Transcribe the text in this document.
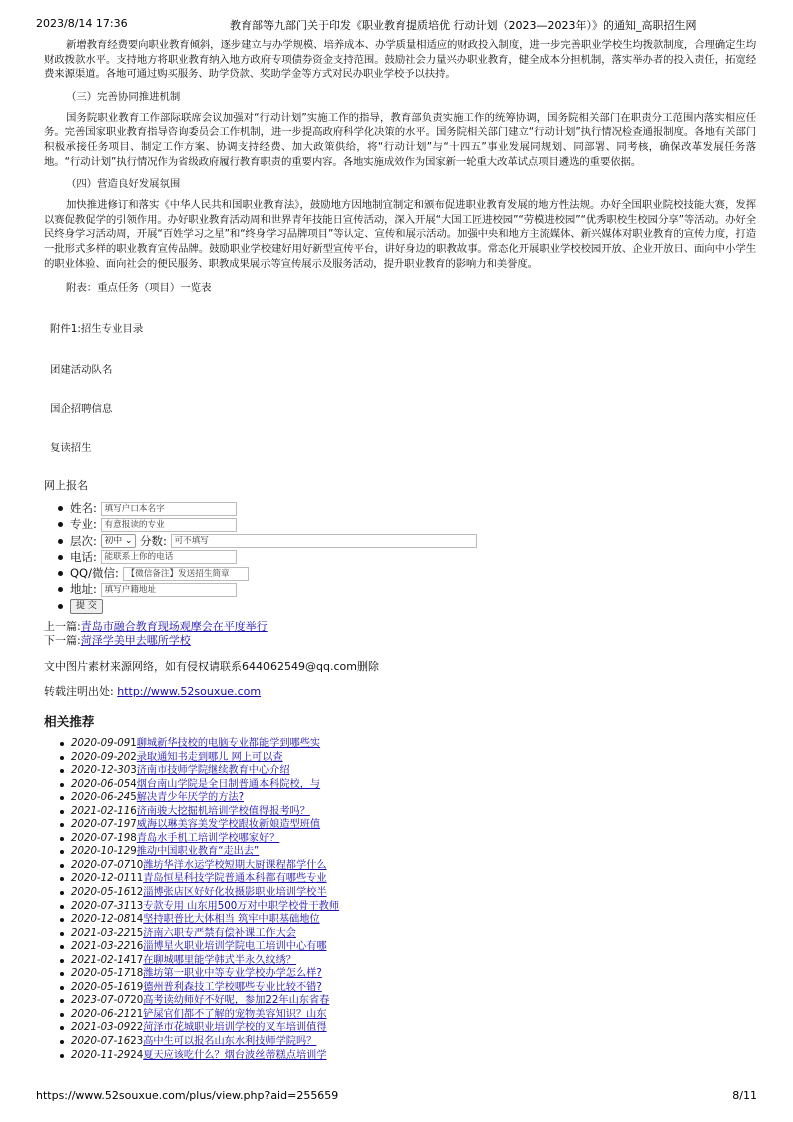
2023/8/14 17:36	教育部等九部门关于印发《职业教育提质培优 行动计划（2023—2023年）》的通知_高职招生网

新增教育经费要向职业教育倾斜，逐步建立与办学规模、培养成本、办学质量相适应的财政投入制度，进一步完善职业学校生均拨款制度，合理确定生均财政拨款水平。支持地方将职业教育纳入地方政府专项债券资金支持范围。鼓励社会力量兴办职业教育，健全成本分担机制，落实举办者的投入责任，拓宽经费来源渠道。各地可通过购买服务、助学贷款、奖助学金等方式对民办职业学校予以扶持。

（三）完善协同推进机制

国务院职业教育工作部际联席会议加强对“行动计划”实施工作的指导，教育部负责实施工作的统筹协调，国务院相关部门在职责分工范围内落实相应任务。完善国家职业教育指导咨询委员会工作机制，进一步提高政府科学化决策的水平。国务院相关部门建立“行动计划”执行情况检查通报制度。各地有关部门积极承接任务项目、制定工作方案、协调支持经费、加大政策供给，将“行动计划”与“十四五”事业发展同规划、同部署、同考核，确保改革发展任务落地。“行动计划”执行情况作为省级政府履行教育职责的重要内容。各地实施成效作为国家新一轮重大改革试点项目遴选的重要依据。

（四）营造良好发展氛围

加快推进修订和落实《中华人民共和国职业教育法》，鼓励地方因地制宜制定和颁布促进职业教育发展的地方性法规。办好全国职业院校技能大赛，发挥以赛促教促学的引领作用。办好职业教育活动周和世界青年技能日宣传活动，深入开展“大国工匠进校园”“劳模进校园”“优秀职校生校园分享”等活动。办好全民终身学习活动周，开展“百姓学习之星”和“终身学习品牌项目”等认定、宣传和展示活动。加强中央和地方主流媒体、新兴媒体对职业教育的宣传力度，打造一批形式多样的职业教育宣传品牌。鼓励职业学校建好用好新型宣传平台，讲好身边的职教故事。常态化开展职业学校校园开放、企业开放日、面向中小学生的职业体验、面向社会的便民服务、职教成果展示等宣传展示及服务活动，提升职业教育的影响力和美誉度。

附表：重点任务（项目）一览表
附件1:招生专业目录
团建活动队名
国企招聘信息
复读招生
网上报名
姓名: 填写户口本名字
专业: 有意报读的专业
层次: 初中 ⌄ 分数: 可不填写
电话: 能联系上你的电话
QQ/微信: 【微信备注】发送招生简章
地址: 填写户籍地址
提 交
上一篇:青岛市融合教育现场观摩会在平度举行
下一篇:菏泽学美甲去哪所学校
文中图片素材来源网络，如有侵权请联系644062549@qq.com删除
转载注明出处: http://www.52souxue.com
相关推荐
2020-09-091聊城新华技校的电脑专业都能学到哪些实
2020-09-202录取通知书走到哪儿 网上可以查
2020-12-303济南市技师学院继续教育中心介绍
2020-06-054烟台南山学院是全日制普通本科院校，与
2020-06-245解决青少年厌学的方法?
2021-02-116济南骏大挖掘机培训学校值得报考吗？
2020-07-197威海以琳美容美发学校跟妆新娘造型班值
2020-07-198青岛水手机工培训学校哪家好？
2020-10-129推动中国职业教育“走出去”
2020-07-0710潍坊华洋水运学校短期大厨课程都学什么
2020-12-0111青岛恒星科技学院普通本科都有哪些专业
2020-05-1612淄博张店区好好化妆摄影职业培训学校半
2020-07-3113专款专用 山东用500万对中职学校骨干教师
2020-12-0814坚持职普比大体相当 筑牢中职基础地位
2021-03-2215济南六职专严禁有偿补课工作大会
2021-03-2216淄博星火职业培训学院电工培训中心有哪
2021-02-1417在聊城哪里能学韩式半永久纹绣？
2020-05-1718潍坊第一职业中等专业学校办学怎么样?
2020-05-1619德州普利森技工学校哪些专业比较不错?
2023-07-0720高考读幼师好不好呢，参加22年山东省春
2020-06-2121铲屎官们都不了解的宠物美容知识？山东
2021-03-0922菏泽市花城职业培训学校的叉车培训值得
2020-07-1623高中生可以报名山东水利技师学院吗？
2020-11-2924夏天应该吃什么？烟台波丝蒂糕点培训学
https://www.52souxue.com/plus/view.php?aid=255659	8/11
